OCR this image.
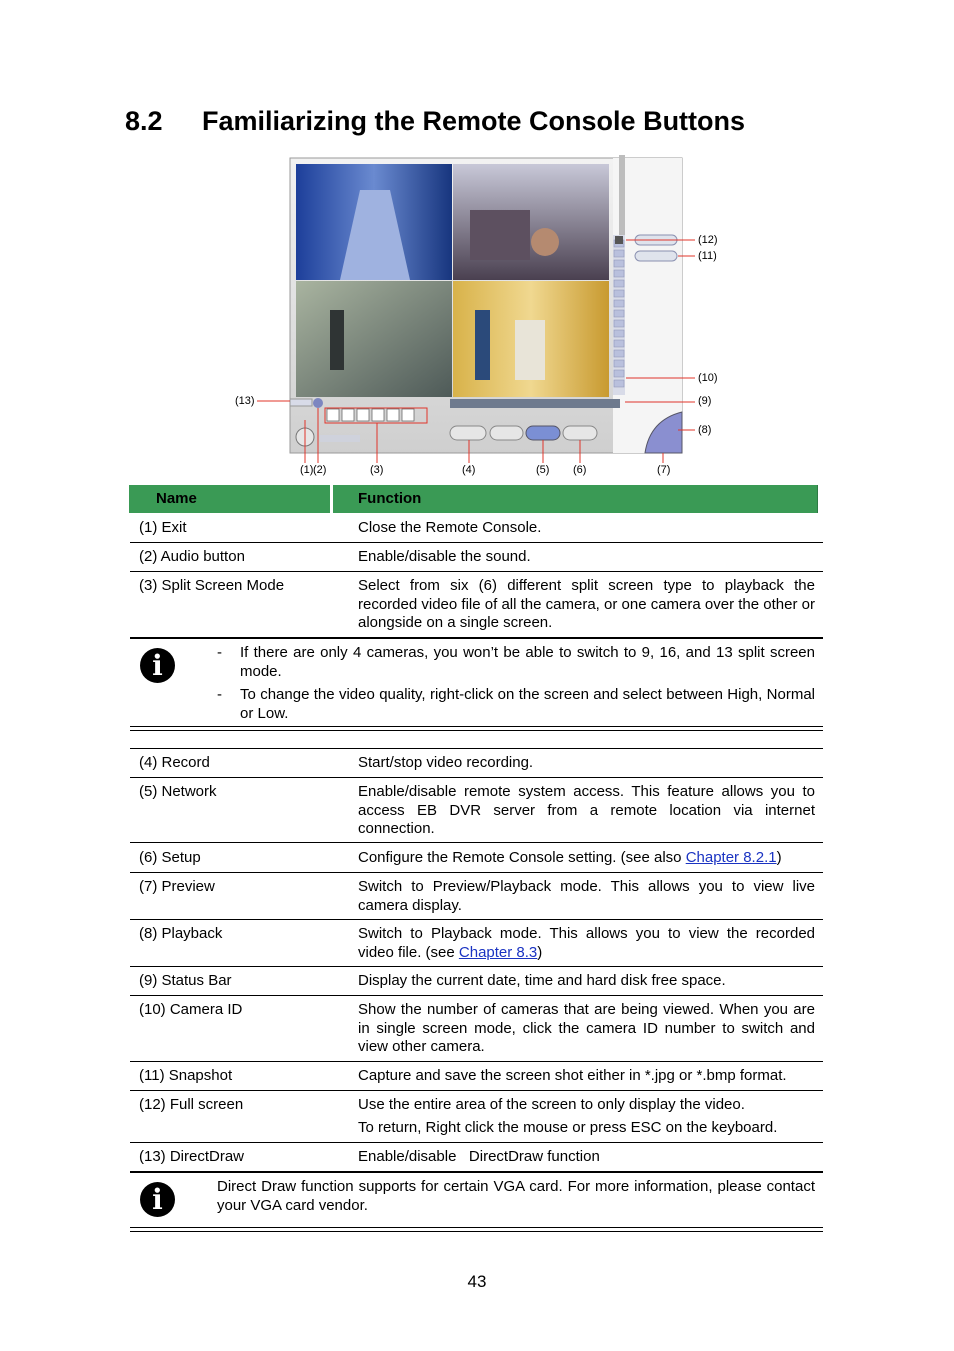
8.2 Familiarizing the Remote Console Buttons
(12)
(11)
(10)
(9)
(8)
(13)
(1) (2)	(3)	(4)	(5) (6)	(7)
Name	Function
(1) Exit	Close the Remote Console.
(2) Audio button	Enable/disable the sound.
(3) Split Screen Mode	Select from six (6) different split screen type to playback the recorded video file of all the camera, or one camera over the other or alongside on a single screen.
i	-	If there are only 4 cameras, you won’t be able to switch to 9, 16, and 13 split screen mode.
-	To change the video quality, right-click on the screen and select between High, Normal or Low.
(4) Record	Start/stop video recording.
(5) Network	Enable/disable remote system access. This feature allows you to access EB DVR server from a remote location via internet connection.
(6) Setup	Configure the Remote Console setting. (see also Chapter 8.2.1)
(7) Preview	Switch to Preview/Playback mode. This allows you to view live camera display.
(8) Playback	Switch to Playback mode. This allows you to view the recorded video file. (see Chapter 8.3)
(9) Status Bar	Display the current date, time and hard disk free space.
(10) Camera ID	Show the number of cameras that are being viewed. When you are in single screen mode, click the camera ID number to switch and view other camera.
(11) Snapshot	Capture and save the screen shot either in *.jpg or *.bmp format.
(12) Full screen	Use the entire area of the screen to only display the video.
To return, Right click the mouse or press ESC on the keyboard.
(13) DirectDraw	Enable/disable   DirectDraw function
i	Direct Draw function supports for certain VGA card. For more information, please contact your VGA card vendor.
43
